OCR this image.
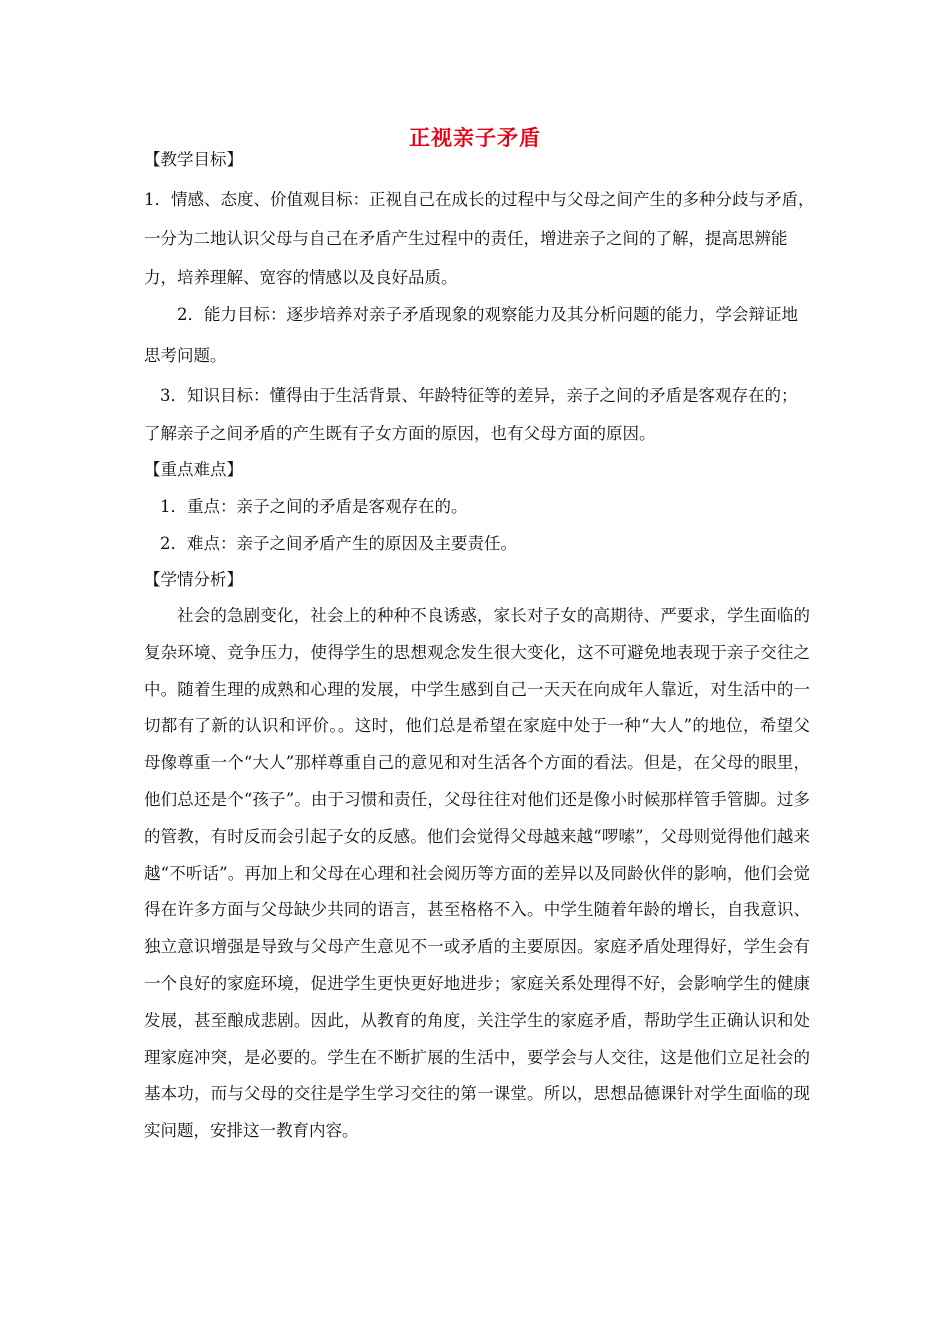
正视亲子矛盾
【教学目标】
1．情感、态度、价值观目标：正视自己在成长的过程中与父母之间产生的多种分歧与矛盾，
一分为二地认识父母与自己在矛盾产生过程中的责任，增进亲子之间的了解，提高思辨能
力，培养理解、宽容的情感以及良好品质。
2．能力目标：逐步培养对亲子矛盾现象的观察能力及其分析问题的能力，学会辩证地
思考问题。
3．知识目标：懂得由于生活背景、年龄特征等的差异，亲子之间的矛盾是客观存在的；
了解亲子之间矛盾的产生既有子女方面的原因，也有父母方面的原因。
【重点难点】
1．重点：亲子之间的矛盾是客观存在的。
2．难点：亲子之间矛盾产生的原因及主要责任。
【学情分析】
社会的急剧变化，社会上的种种不良诱惑，家长对子女的高期待、严要求，学生面临的复杂环境、竞争压力，使得学生的思想观念发生很大变化，这不可避免地表现于亲子交往之中。随着生理的成熟和心理的发展，中学生感到自己一天天在向成年人靠近，对生活中的一切都有了新的认识和评价。。这时，他们总是希望在家庭中处于一种“大人”的地位，希望父母像尊重一个“大人”那样尊重自己的意见和对生活各个方面的看法。但是，在父母的眼里，他们总还是个“孩子”。由于习惯和责任，父母往往对他们还是像小时候那样管手管脚。过多的管教，有时反而会引起子女的反感。他们会觉得父母越来越“啰嗦”，父母则觉得他们越来越“不听话”。再加上和父母在心理和社会阅历等方面的差异以及同龄伙伴的影响，他们会觉得在许多方面与父母缺少共同的语言，甚至格格不入。中学生随着年龄的增长，自我意识、独立意识增强是导致与父母产生意见不一或矛盾的主要原因。家庭矛盾处理得好，学生会有一个良好的家庭环境，促进学生更快更好地进步；家庭关系处理得不好，会影响学生的健康发展，甚至酿成悲剧。因此，从教育的角度，关注学生的家庭矛盾，帮助学生正确认识和处理家庭冲突，是必要的。学生在不断扩展的生活中，要学会与人交往，这是他们立足社会的基本功，而与父母的交往是学生学习交往的第一课堂。所以，思想品德课针对学生面临的现实问题，安排这一教育内容。
